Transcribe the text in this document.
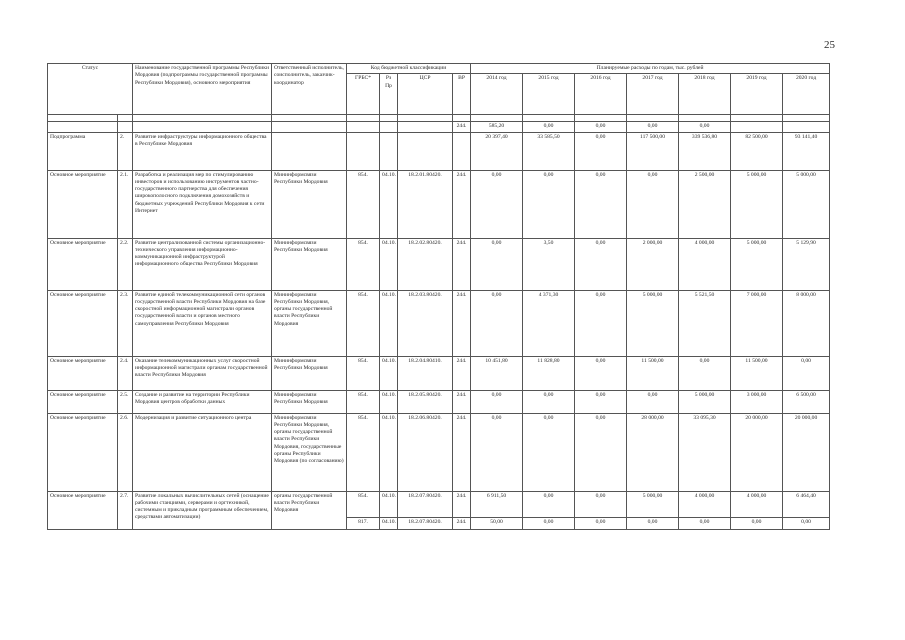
25
Статус		Наименование государственной программы Республики Мордовия (подпрограммы государственной программы Республики Мордовия), основного мероприятия	Ответственный исполнитель, соисполнитель, заказчик-координатор	Код бюджетной классификации				Планируемые расходы по годам, тыс. рублей						
				ГРБС*	Рз Пр	ЦСР	ВР	2014 год	2015 год	2016 год	2017 год	2018 год	2019 год	2020 год

							244.	585,20	0,00	0,00	0,00	0,00		
Подпрограмма	2.	Развитие инфраструктуры информационного общества в Республике Мордовия						20 397,40	33 585,50	0,00	117 500,00	339 536,80	82 500,00	93 141,40
Основное мероприятие	2.1.	Разработка и реализация мер по стимулированию инвесторов и использованию инструментов частно-государственного партнерства для обеспечения широкополосного подключения домохозяйств и бюджетных учреждений Республики Мордовия к сети Интернет	Мининформсвязи Республики Мордовия	854.	04.10.	18.2.01.80420.	244.	0,00	0,00	0,00	0,00	2 500,00	5 000,00	5 000,00
Основное мероприятие	2.2.	Развитие централизованной системы организационно-технического управления информационно-коммуникационной инфраструктурой информационного общества Республики Мордовия	Мининформсвязи Республики Мордовия	854.	04.10.	18.2.02.80420.	244.	0,00	3,50	0,00	2 000,00	4 000,00	5 000,00	5 129,90
Основное мероприятие	2.3.	Развитие единой телекоммуникационной сети органов государственной власти Республики Мордовия на базе скоростной информационной магистрали органов государственной власти и органов местного самоуправления Республики Мордовия	Мининформсвязи Республики Мордовия, органы государственной власти Республики Мордовия	854.	04.10.	18.2.03.80420.	244.	0,00	4 371,30	0,00	5 000,00	5 521,50	7 000,00	8 000,00
Основное мероприятие	2.4.	Оказание телекоммуникационных услуг скоростной информационной магистрали органам государственной власти Республики Мордовия	Мининформсвязи Республики Мордовия	854.	04.10.	18.2.04.80410.	244.	10 451,80	11 828,80	0,00	11 500,00	0,00	11 500,00	0,00
Основное мероприятие	2.5.	Создание и развитие на территории Республики Мордовия центров обработки данных	Мининформсвязи Республики Мордовия	854.	04.10.	18.2.05.80420.	244.	0,00	0,00	0,00	0,00	5 000,00	3 000,00	6 500,00
Основное мероприятие	2.6.	Модернизация и развитие ситуационного центра	Мининформсвязи Республики Мордовия, органы государственной власти Республики Мордовия, государственные органы Республики Мордовия (по согласованию)	854.	04.10.	18.2.06.80420.	244.	0,00	0,00	0,00	28 000,00	33 095,30	20 000,00	20 000,00
Основное мероприятие	2.7.	Развитие локальных вычислительных сетей (оснащение рабочими станциями, серверами и оргтехникой, системным и прикладным программным обеспечением, средствами автоматизации)	органы государственной власти Республики Мордовия	854.	04.10.	18.2.07.80420.	244.	6 911,50	0,00	0,00	5 000,00	4 000,00	4 000,00	6 464,40
				817.	04.10.	18.2.07.80420.	244.	50,00	0,00	0,00	0,00	0,00	0,00	0,00
